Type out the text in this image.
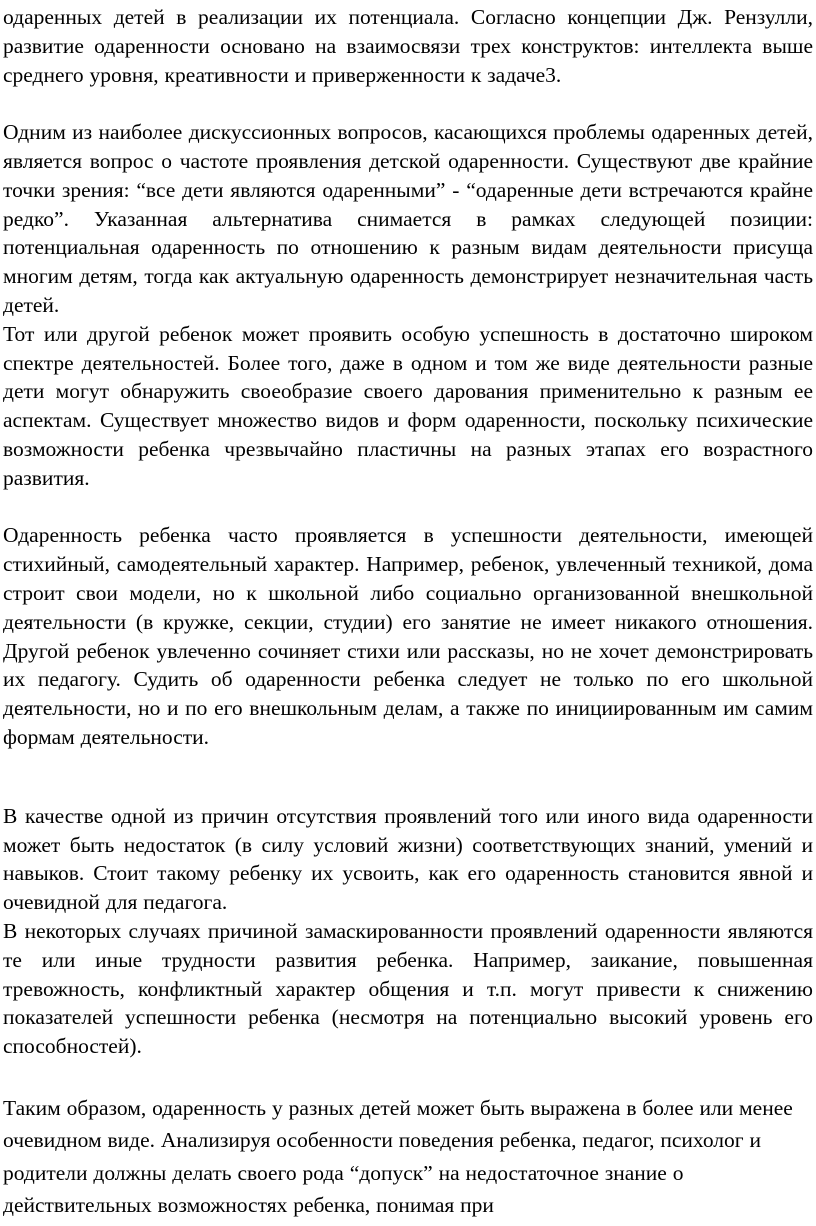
одаренных детей в реализации их потенциала. Согласно концепции Дж. Рензулли, развитие одаренности основано на взаимосвязи трех конструктов: интеллекта выше среднего уровня, креативности и приверженности к задаче3.

Одним из наиболее дискуссионных вопросов, касающихся проблемы одаренных детей, является вопрос о частоте проявления детской одаренности. Существуют две крайние точки зрения: “все дети являются одаренными” - “одаренные дети встречаются крайне редко”. Указанная альтернатива снимается в рамках следующей позиции: потенциальная одаренность по отношению к разным видам деятельности присуща многим детям, тогда как актуальную одаренность демонстрирует незначительная часть детей.

Тот или другой ребенок может проявить особую успешность в достаточно широком спектре деятельностей. Более того, даже в одном и том же виде деятельности разные дети могут обнаружить своеобразие своего дарования применительно к разным ее аспектам. Существует множество видов и форм одаренности, поскольку психические возможности ребенка чрезвычайно пластичны на разных этапах его возрастного развития.

Одаренность ребенка часто проявляется в успешности деятельности, имеющей стихийный, самодеятельный характер. Например, ребенок, увлеченный техникой, дома строит свои модели, но к школьной либо социально организованной внешкольной деятельности (в кружке, секции, студии) его занятие не имеет никакого отношения. Другой ребенок увлеченно сочиняет стихи или рассказы, но не хочет демонстрировать их педагогу. Судить об одаренности ребенка следует не только по его школьной деятельности, но и по его внешкольным делам, а также по инициированным им самим формам деятельности.

В качестве одной из причин отсутствия проявлений того или иного вида одаренности может быть недостаток (в силу условий жизни) соответствующих знаний, умений и навыков. Стоит такому ребенку их усвоить, как его одаренность становится явной и очевидной для педагога.

В некоторых случаях причиной замаскированности проявлений одаренности являются те или иные трудности развития ребенка. Например, заикание, повышенная тревожность, конфликтный характер общения и т.п. могут привести к снижению показателей успешности ребенка (несмотря на потенциально высокий уровень его способностей).

Таким образом, одаренность у разных детей может быть выражена в более или менее очевидном виде. Анализируя особенности поведения ребенка, педагог, психолог и родители должны делать своего рода “допуск” на недостаточное знание о действительных возможностях ребенка, понимая при
